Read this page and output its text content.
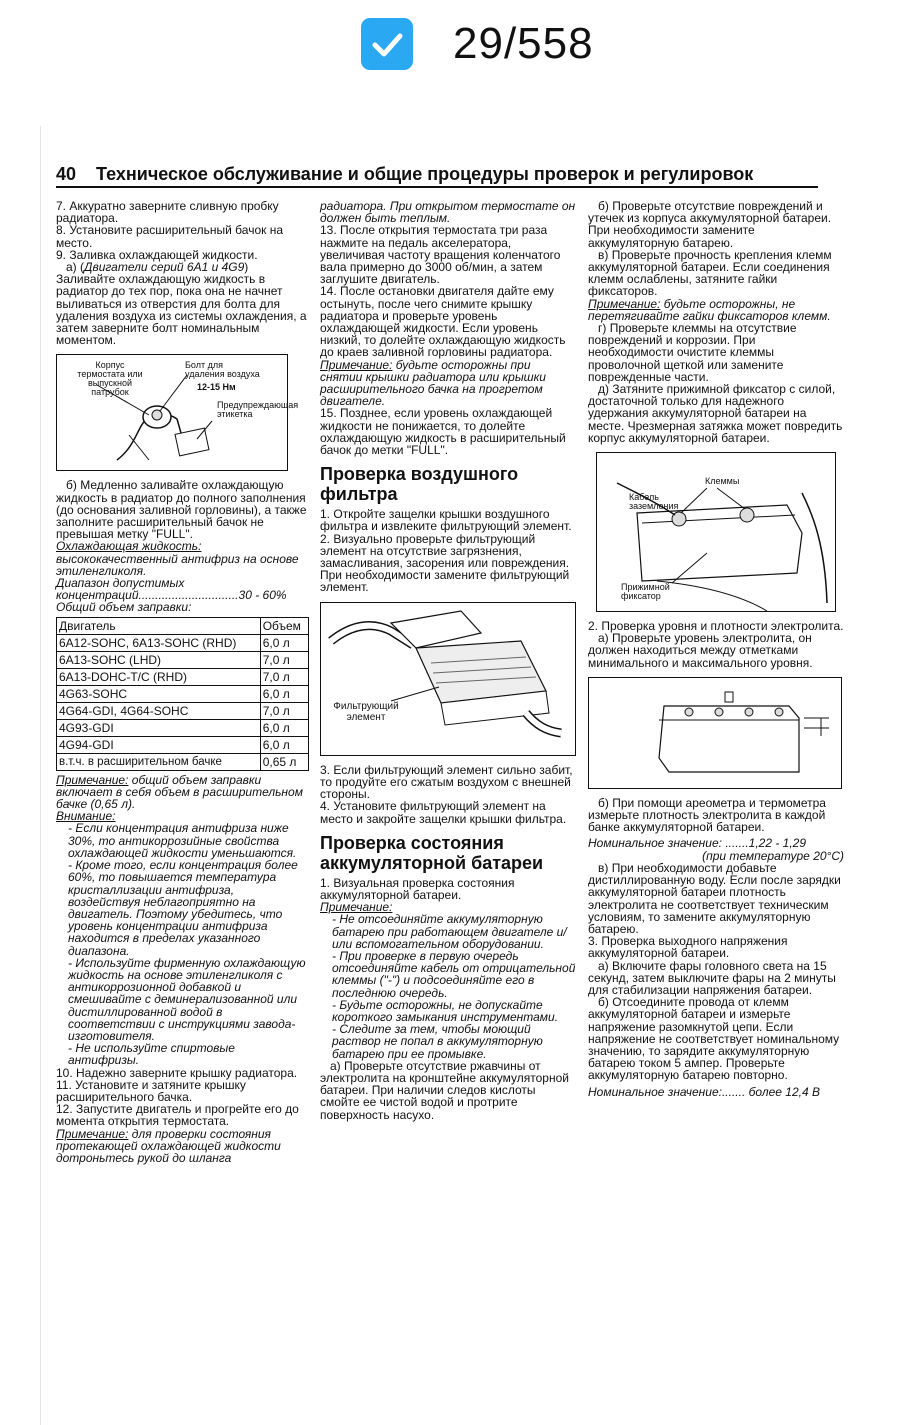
29/558
40 Техническое обслуживание и общие процедуры проверок и регулировок

7. Аккуратно заверните сливную пробку радиатора.

8. Установите расширительный бачок на место.

9. Заливка охлаждающей жидкости.

а) (Двигатели серий 6А1 и 4G9) Заливайте охлаждающую жидкость в радиатор до тех пор, пока она не начнет выливаться из отверстия для болта для удаления воздуха из системы охлаждения, а затем заверните болт номинальным моментом.

Корпус термостата или выпускной патрубок
Болт для удаления воздуха
12-15 Нм
Предупреждающая этикетка

б) Медленно заливайте охлаждающую жидкость в радиатор до полного заполнения (до основания заливной горловины), а также заполните расширительный бачок не превышая метку "FULL".

Охлаждающая жидкость: высококачественный антифриз на основе этиленгликоля.

Диапазон допустимых концентраций..............................30 - 60%

Общий объем заправки:

Двигатель	Объем
6А12-SOHC, 6А13-SOHC (RHD)	6,0 л
6А13-SOHC (LHD)	7,0 л
6А13-DOHC-T/C (RHD)	7,0 л
4G63-SOHC	6,0 л
4G64-GDI, 4G64-SOHC	7,0 л
4G93-GDI	6,0 л
4G94-GDI	6,0 л
в.т.ч. в расширительном бачке	0,65 л

Примечание: общий объем заправки включает в себя объем в расширительном бачке (0,65 л).

Внимание:

- Если концентрация антифриза ниже 30%, то антикоррозийные свойства охлаждающей жидкости уменьшаются.

- Кроме того, если концентрация более 60%, то повышается температура кристаллизации антифриза, воздействуя неблагоприятно на двигатель. Поэтому убедитесь, что уровень концентрации антифриза находится в пределах указанного диапазона.

- Используйте фирменную охлаждающую жидкость на основе этиленгликоля с антикоррозионной добавкой и смешивайте с деминерализованной или дистиллированной водой в соответствии с инструкциями завода-изготовителя.

- Не используйте спиртовые антифризы.

10. Надежно заверните крышку радиатора.

11. Установите и затяните крышку расширительного бачка.

12. Запустите двигатель и прогрейте его до момента открытия термостата.

Примечание: для проверки состояния протекающей охлаждающей жидкости дотроньтесь рукой до шланга

радиатора. При открытом термостате он должен быть теплым.

13. После открытия термостата три раза нажмите на педаль акселератора, увеличивая частоту вращения коленчатого вала примерно до 3000 об/мин, а затем заглушите двигатель.

14. После остановки двигателя дайте ему остынуть, после чего снимите крышку радиатора и проверьте уровень охлаждающей жидкости. Если уровень низкий, то долейте охлаждающую жидкость до краев заливной горловины радиатора.

Примечание: будьте осторожны при снятии крышки радиатора или крышки расширительного бачка на прогретом двигателе.

15. Позднее, если уровень охлаждающей жидкости не понижается, то долейте охлаждающую жидкость в расширительный бачок до метки "FULL".

Проверка воздушного фильтра

1. Откройте защелки крышки воздушного фильтра и извлеките фильтрующий элемент.

2. Визуально проверьте фильтрующий элемент на отсутствие загрязнения, замасливания, засорения или повреждения. При необходимости замените фильтрующий элемент.

Фильтрующий элемент

3. Если фильтрующий элемент сильно забит, то продуйте его сжатым воздухом с внешней стороны.

4. Установите фильтрующий элемент на место и закройте защелки крышки фильтра.

Проверка состояния аккумуляторной батареи

1. Визуальная проверка состояния аккумуляторной батареи.

Примечание:

- Не отсоединяйте аккумуляторную батарею при работающем двигателе и/или вспомогательном оборудовании.

- При проверке в первую очередь отсоединяйте кабель от отрицательной клеммы ("-") и подсоединяйте его в последнюю очередь.

- Будьте осторожны, не допускайте короткого замыкания инструментами.

- Следите за тем, чтобы моющий раствор не попал в аккумуляторную батарею при ее промывке.

а) Проверьте отсутствие ржавчины от электролита на кронштейне аккумуляторной батареи. При наличии следов кислоты смойте ее чистой водой и протрите поверхность насухо.

б) Проверьте отсутствие повреждений и утечек из корпуса аккумуляторной батареи. При необходимости замените аккумуляторную батарею.

в) Проверьте прочность крепления клемм аккумуляторной батареи. Если соединения клемм ослаблены, затяните гайки фиксаторов.

Примечание: будьте осторожны, не перетягивайте гайки фиксаторов клемм.

г) Проверьте клеммы на отсутствие повреждений и коррозии. При необходимости очистите клеммы проволочной щеткой или замените поврежденные части.

д) Затяните прижимной фиксатор с силой, достаточной только для надежного удержания аккумуляторной батареи на месте. Чрезмерная затяжка может повредить корпус аккумуляторной батареи.

Клеммы
Кабель заземления
Прижимной фиксатор

2. Проверка уровня и плотности электролита.

а) Проверьте уровень электролита, он должен находиться между отметками минимального и максимального уровня.

б) При помощи ареометра и термометра измерьте плотность электролита в каждой банке аккумуляторной батареи.

Номинальное значение: .......1,22 - 1,29

(при температуре 20°С)

в) При необходимости добавьте дистиллированную воду. Если после зарядки аккумуляторной батареи плотность электролита не соответствует техническим условиям, то замените аккумуляторную батарею.

3. Проверка выходного напряжения аккумуляторной батареи.

а) Включите фары головного света на 15 секунд, затем выключите фары на 2 минуты для стабилизации напряжения батареи.

б) Отсоедините провода от клемм аккумуляторной батареи и измерьте напряжение разомкнутой цепи. Если напряжение не соответствует номинальному значению, то зарядите аккумуляторную батарею током 5 ампер. Проверьте аккумуляторную батарею повторно.

Номинальное значение:....... более 12,4 В
